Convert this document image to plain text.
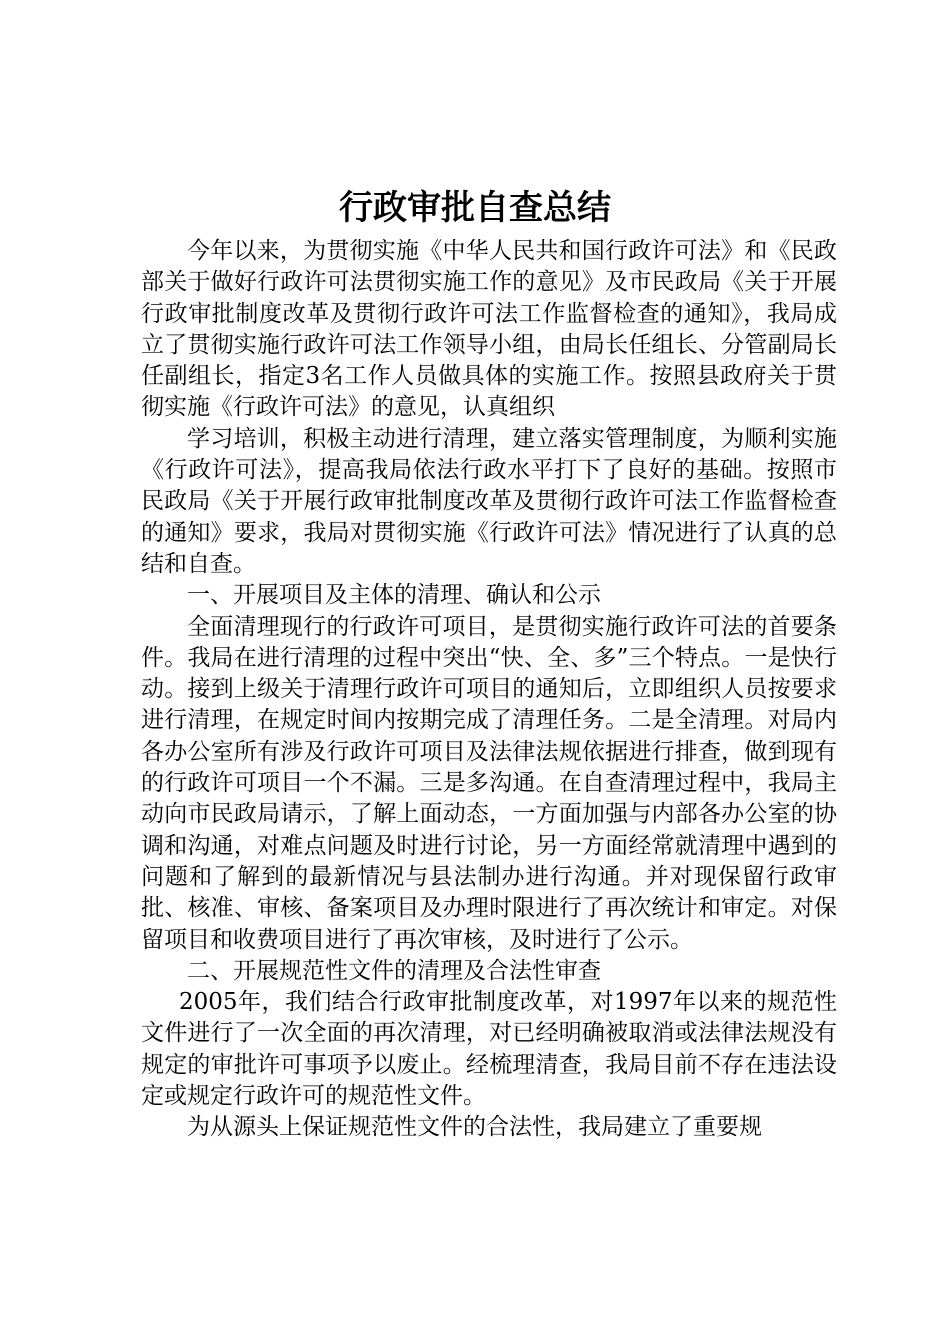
行政审批自查总结

今年以来，为贯彻实施《中华人民共和国行政许可法》和《民政部关于做好行政许可法贯彻实施工作的意见》及市民政局《关于开展行政审批制度改革及贯彻行政许可法工作监督检查的通知》，我局成立了贯彻实施行政许可法工作领导小组，由局长任组长、分管副局长任副组长，指定3名工作人员做具体的实施工作。按照县政府关于贯彻实施《行政许可法》的意见，认真组织

学习培训，积极主动进行清理，建立落实管理制度，为顺利实施《行政许可法》，提高我局依法行政水平打下了良好的基础。按照市民政局《关于开展行政审批制度改革及贯彻行政许可法工作监督检查的通知》要求，我局对贯彻实施《行政许可法》情况进行了认真的总结和自查。

一、开展项目及主体的清理、确认和公示

全面清理现行的行政许可项目，是贯彻实施行政许可法的首要条件。我局在进行清理的过程中突出“快、全、多”三个特点。一是快行动。接到上级关于清理行政许可项目的通知后，立即组织人员按要求进行清理，在规定时间内按期完成了清理任务。二是全清理。对局内各办公室所有涉及行政许可项目及法律法规依据进行排查，做到现有的行政许可项目一个不漏。三是多沟通。在自查清理过程中，我局主动向市民政局请示，了解上面动态，一方面加强与内部各办公室的协调和沟通，对难点问题及时进行讨论，另一方面经常就清理中遇到的问题和了解到的最新情况与县法制办进行沟通。并对现保留行政审批、核准、审核、备案项目及办理时限进行了再次统计和审定。对保留项目和收费项目进行了再次审核，及时进行了公示。

二、开展规范性文件的清理及合法性审查

2005年，我们结合行政审批制度改革，对1997年以来的规范性文件进行了一次全面的再次清理，对已经明确被取消或法律法规没有规定的审批许可事项予以废止。经梳理清查，我局目前不存在违法设定或规定行政许可的规范性文件。

为从源头上保证规范性文件的合法性，我局建立了重要规
